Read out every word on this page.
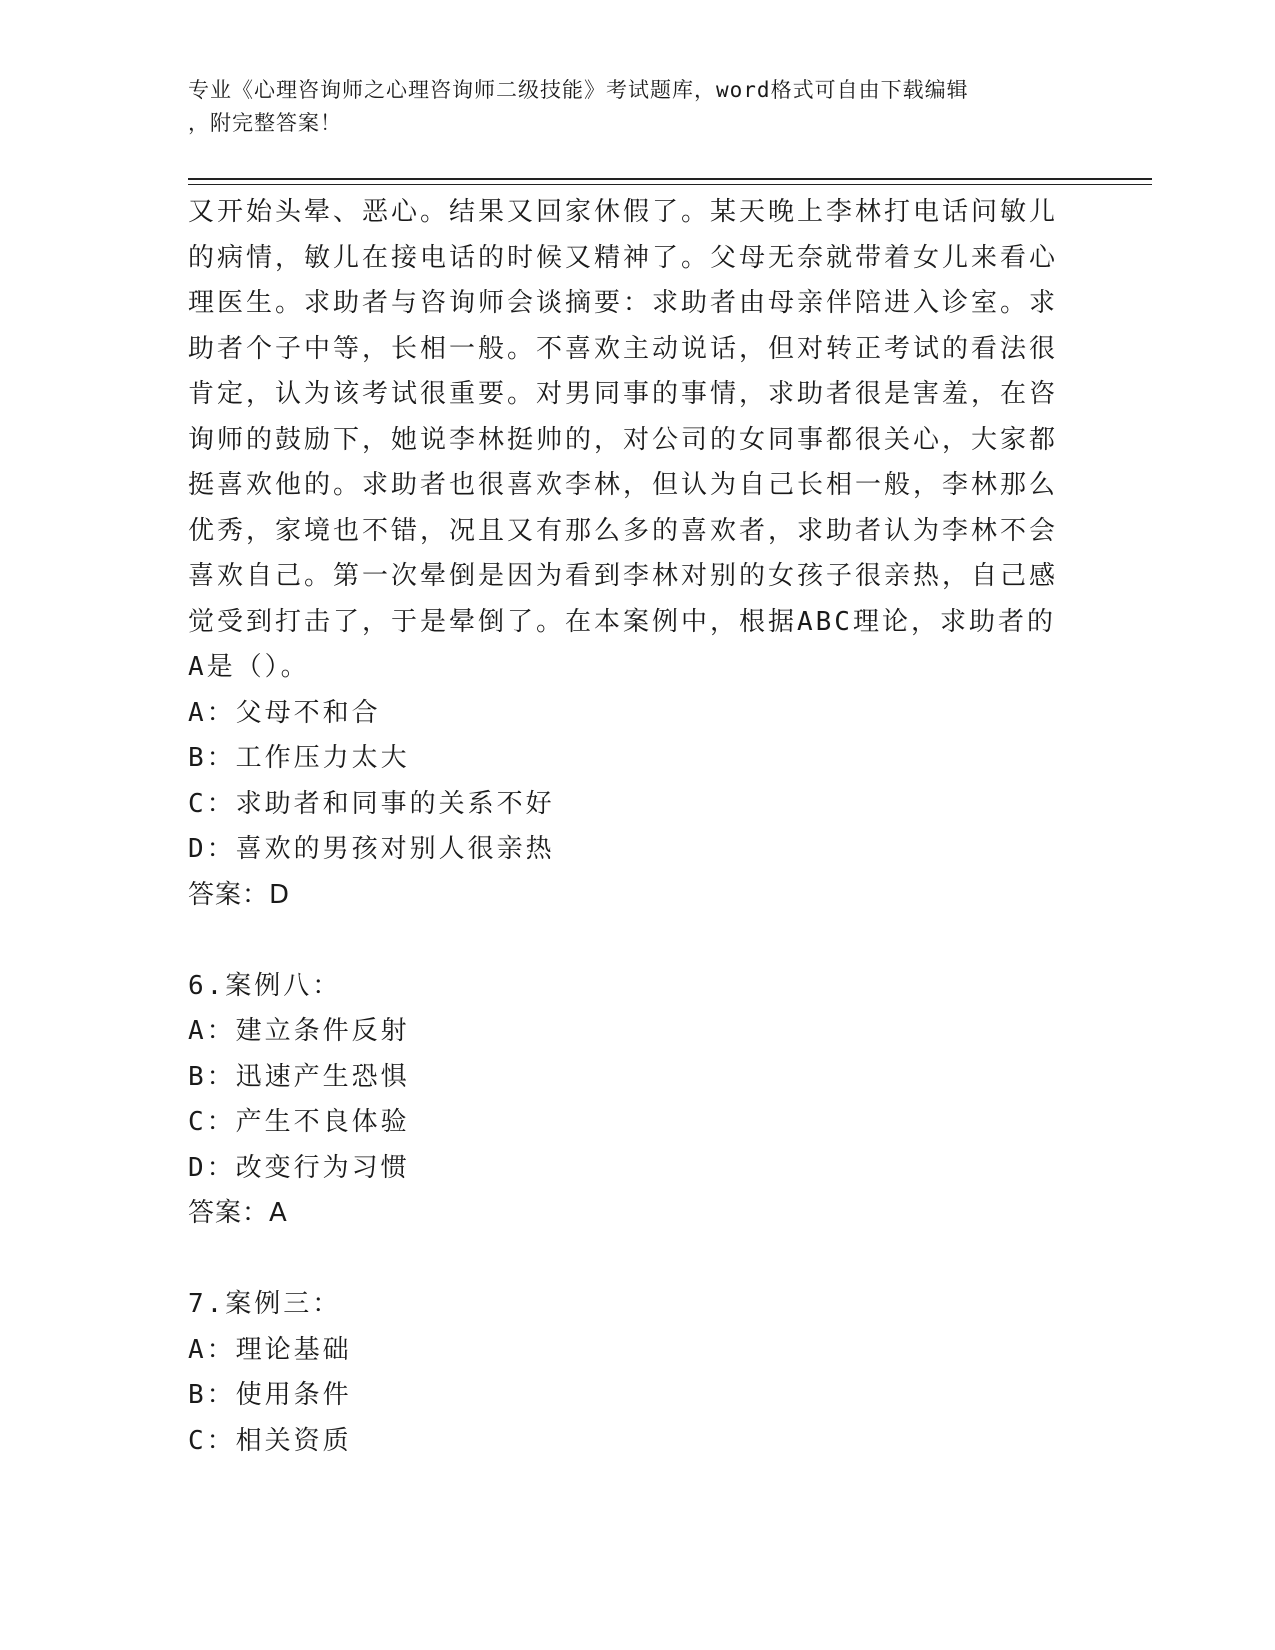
专业《心理咨询师之心理咨询师二级技能》考试题库，word格式可自由下载编辑
，附完整答案！
又开始头晕、恶心。结果又回家休假了。某天晚上李林打电话问敏儿
的病情，敏儿在接电话的时候又精神了。父母无奈就带着女儿来看心
理医生。求助者与咨询师会谈摘要：求助者由母亲伴陪进入诊室。求
助者个子中等，长相一般。不喜欢主动说话，但对转正考试的看法很
肯定，认为该考试很重要。对男同事的事情，求助者很是害羞，在咨
询师的鼓励下，她说李林挺帅的，对公司的女同事都很关心，大家都
挺喜欢他的。求助者也很喜欢李林，但认为自己长相一般，李林那么
优秀，家境也不错，况且又有那么多的喜欢者，求助者认为李林不会
喜欢自己。第一次晕倒是因为看到李林对别的女孩子很亲热，自己感
觉受到打击了，于是晕倒了。在本案例中，根据ABC理论，求助者的
A是（）。
A：父母不和合
B：工作压力太大
C：求助者和同事的关系不好
D：喜欢的男孩对别人很亲热
答案：D
6.案例八：
A：建立条件反射
B：迅速产生恐惧
C：产生不良体验
D：改变行为习惯
答案：A
7.案例三：
A：理论基础
B：使用条件
C：相关资质
